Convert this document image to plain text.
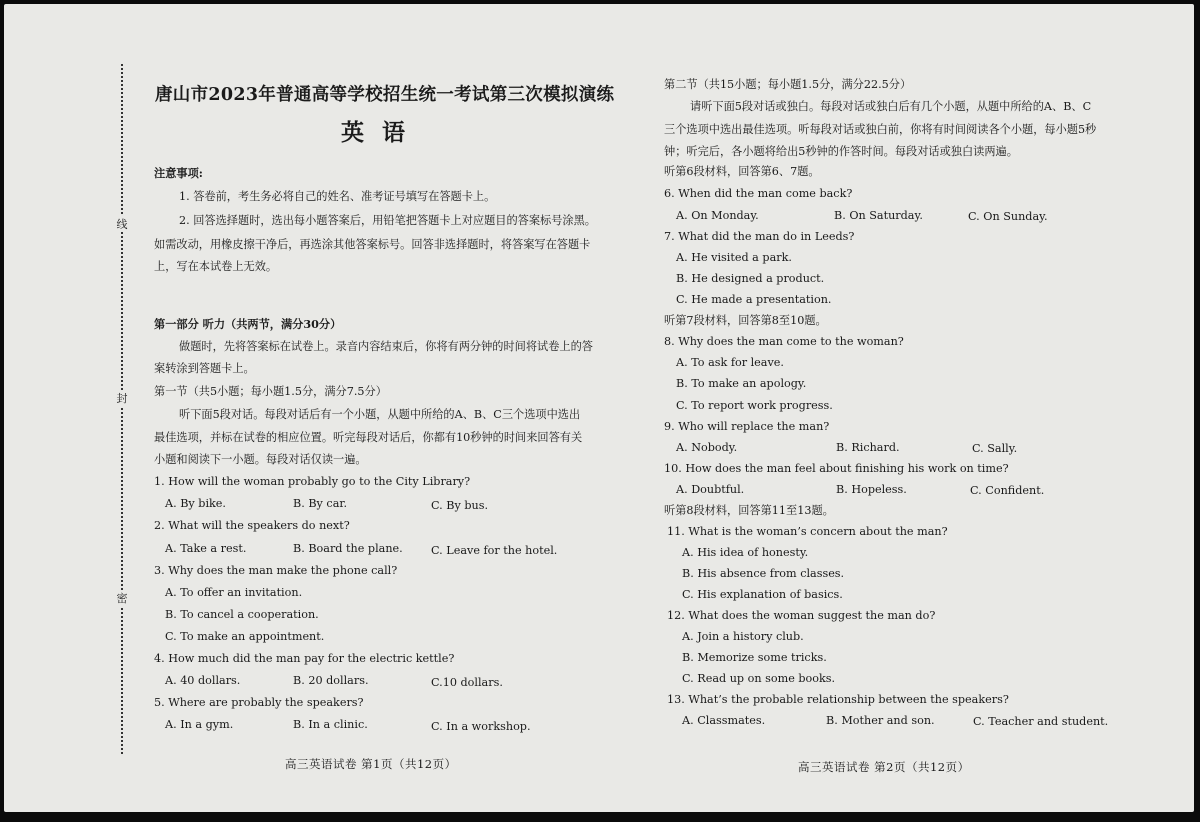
线
封
密
唐山市2023年普通高等学校招生统一考试第三次模拟演练
英语
注意事项:
1. 答卷前，考生务必将自己的姓名、准考证号填写在答题卡上。
2. 回答选择题时，选出每小题答案后，用铅笔把答题卡上对应题目的答案标号涂黑。
如需改动，用橡皮擦干净后，再选涂其他答案标号。回答非选择题时，将答案写在答题卡
上，写在本试卷上无效。
第一部分 听力（共两节，满分30分）
做题时，先将答案标在试卷上。录音内容结束后，你将有两分钟的时间将试卷上的答
案转涂到答题卡上。
第一节（共5小题；每小题1.5分，满分7.5分）
听下面5段对话。每段对话后有一个小题，从题中所给的A、B、C三个选项中选出
最佳选项，并标在试卷的相应位置。听完每段对话后，你都有10秒钟的时间来回答有关
小题和阅读下一小题。每段对话仅读一遍。
1. How will the woman probably go to the City Library?
A. By bike.	B. By car.	C. By bus.
2. What will the speakers do next?
A. Take a rest.	B. Board the plane.	C. Leave for the hotel.
3. Why does the man make the phone call?
A. To offer an invitation.
B. To cancel a cooperation.
C. To make an appointment.
4. How much did the man pay for the electric kettle?
A. 40 dollars.	B. 20 dollars.	C.10 dollars.
5. Where are probably the speakers?
A. In a gym.	B. In a clinic.	C. In a workshop.
高三英语试卷 第1页（共12页）
第二节（共15小题；每小题1.5分，满分22.5分）
请听下面5段对话或独白。每段对话或独白后有几个小题，从题中所给的A、B、C
三个选项中选出最佳选项。听每段对话或独白前，你将有时间阅读各个小题，每小题5秒
钟；听完后，各小题将给出5秒钟的作答时间。每段对话或独白读两遍。
听第6段材料，回答第6、7题。
6. When did the man come back?
A. On Monday.	B. On Saturday.	C. On Sunday.
7. What did the man do in Leeds?
A. He visited a park.
B. He designed a product.
C. He made a presentation.
听第7段材料，回答第8至10题。
8. Why does the man come to the woman?
A. To ask for leave.
B. To make an apology.
C. To report work progress.
9. Who will replace the man?
A. Nobody.	B. Richard.	C. Sally.
10. How does the man feel about finishing his work on time?
A. Doubtful.	B. Hopeless.	C. Confident.
听第8段材料，回答第11至13题。
11. What is the woman’s concern about the man?
A. His idea of honesty.
B. His absence from classes.
C. His explanation of basics.
12. What does the woman suggest the man do?
A. Join a history club.
B. Memorize some tricks.
C. Read up on some books.
13. What’s the probable relationship between the speakers?
A. Classmates.	B. Mother and son.	C. Teacher and student.
高三英语试卷 第2页（共12页）
